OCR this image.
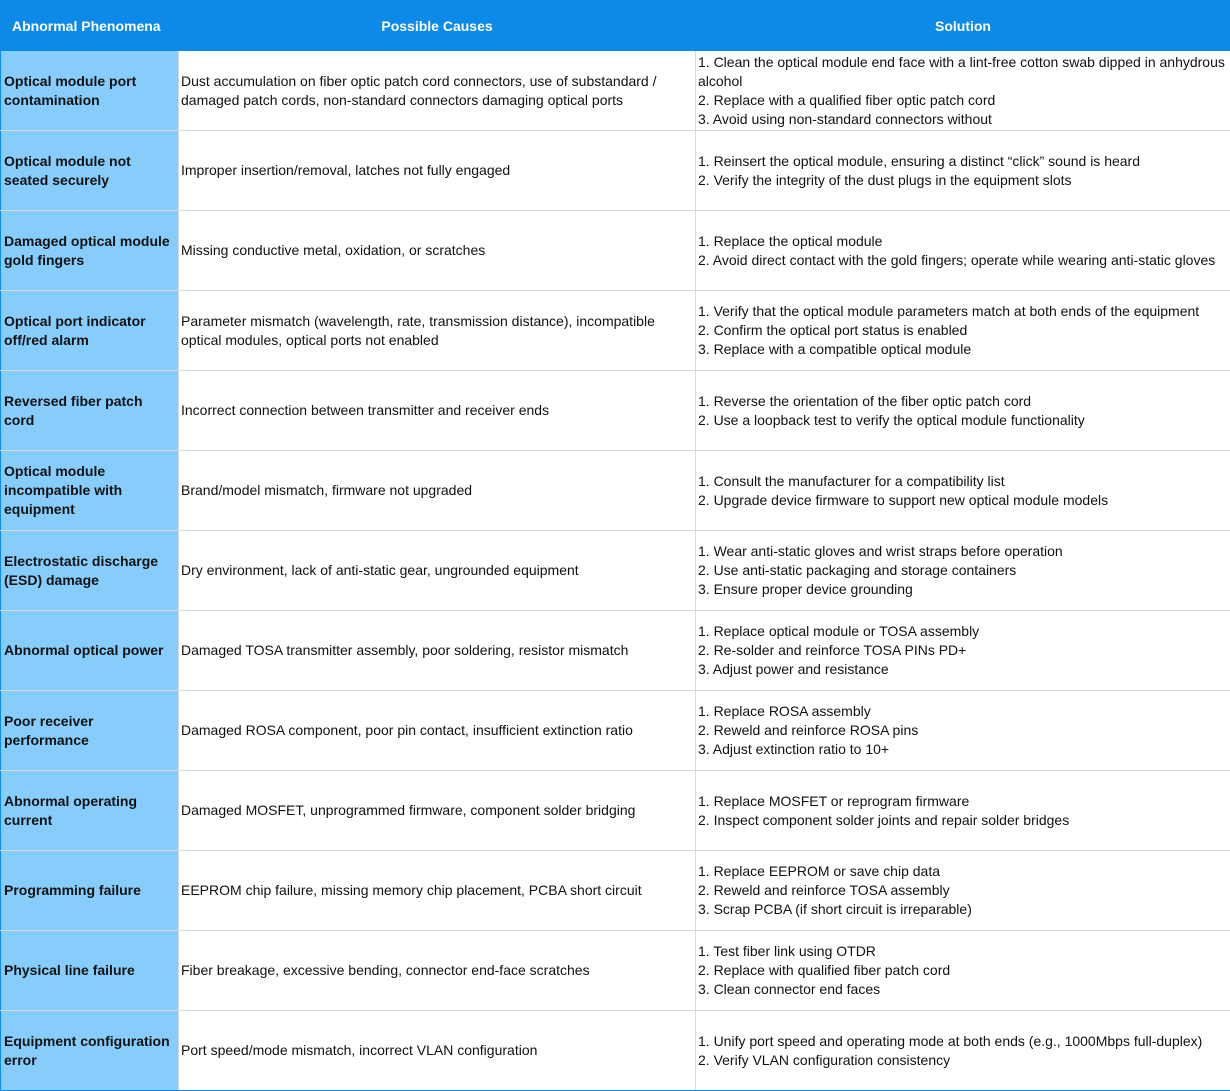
Abnormal Phenomena	Possible Causes	Solution
Optical module port contamination	Dust accumulation on fiber optic patch cord connectors, use of substandard / damaged patch cords, non-standard connectors damaging optical ports	1. Clean the optical module end face with a lint-free cotton swab dipped in anhydrous alcohol
2. Replace with a qualified fiber optic patch cord
3. Avoid using non-standard connectors without

Optical module not seated securely	Improper insertion/removal, latches not fully engaged	1. Reinsert the optical module, ensuring a distinct “click” sound is heard
2. Verify the integrity of the dust plugs in the equipment slots

Damaged optical module gold fingers	Missing conductive metal, oxidation, or scratches	1. Replace the optical module
2. Avoid direct contact with the gold fingers; operate while wearing anti-static gloves

Optical port indicator off/red alarm	Parameter mismatch (wavelength, rate, transmission distance), incompatible optical modules, optical ports not enabled	1. Verify that the optical module parameters match at both ends of the equipment
2. Confirm the optical port status is enabled
3. Replace with a compatible optical module

Reversed fiber patch cord	Incorrect connection between transmitter and receiver ends	1. Reverse the orientation of the fiber optic patch cord
2. Use a loopback test to verify the optical module functionality

Optical module incompatible with equipment	Brand/model mismatch, firmware not upgraded	1. Consult the manufacturer for a compatibility list
2. Upgrade device firmware to support new optical module models

Electrostatic discharge (ESD) damage	Dry environment, lack of anti-static gear, ungrounded equipment	1. Wear anti-static gloves and wrist straps before operation
2. Use anti-static packaging and storage containers
3. Ensure proper device grounding

Abnormal optical power	Damaged TOSA transmitter assembly, poor soldering, resistor mismatch	1. Replace optical module or TOSA assembly
2. Re-solder and reinforce TOSA PINs PD+
3. Adjust power and resistance

Poor receiver performance	Damaged ROSA component, poor pin contact, insufficient extinction ratio	1. Replace ROSA assembly
2. Reweld and reinforce ROSA pins
3. Adjust extinction ratio to 10+

Abnormal operating current	Damaged MOSFET, unprogrammed firmware, component solder bridging	1. Replace MOSFET or reprogram firmware
2. Inspect component solder joints and repair solder bridges

Programming failure	EEPROM chip failure, missing memory chip placement, PCBA short circuit	1. Replace EEPROM or save chip data
2. Reweld and reinforce TOSA assembly
3. Scrap PCBA (if short circuit is irreparable)

Physical line failure	Fiber breakage, excessive bending, connector end-face scratches	1. Test fiber link using OTDR
2. Replace with qualified fiber patch cord
3. Clean connector end faces

Equipment configuration error	Port speed/mode mismatch, incorrect VLAN configuration	1. Unify port speed and operating mode at both ends (e.g., 1000Mbps full-duplex)
2. Verify VLAN configuration consistency
